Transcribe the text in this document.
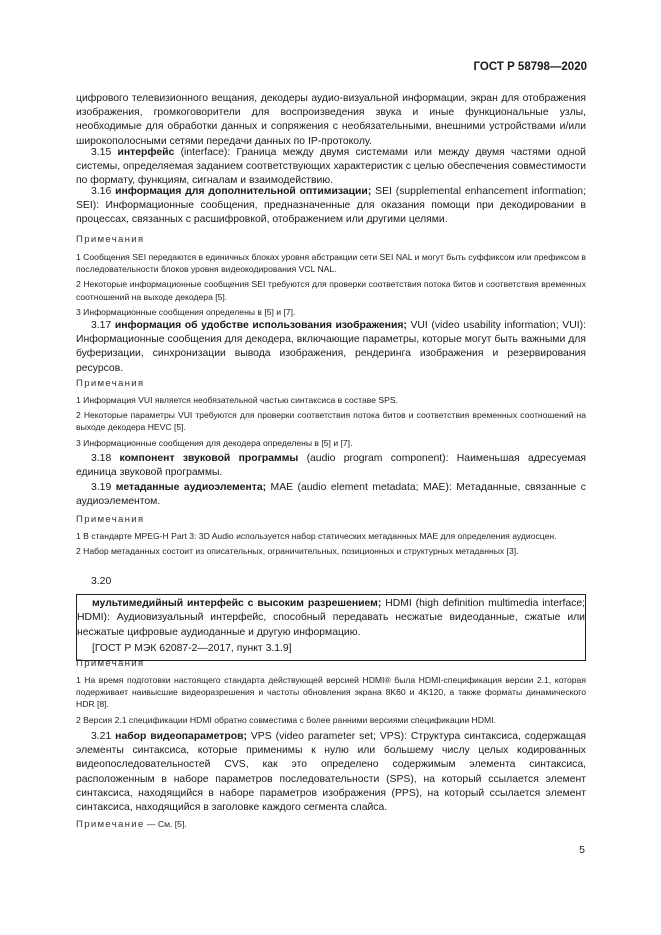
ГОСТ Р 58798—2020

цифрового телевизионного вещания, декодеры аудио-визуальной информации, экран для отображения изображения, громкоговорители для воспроизведения звука и иные функциональные узлы, необходимые для обработки данных и сопряжения с необязательными, внешними устройствами и/или широкополосными сетями передачи данных по IP-протоколу.

3.15 интерфейс (interface): Граница между двумя системами или между двумя частями одной системы, определяемая заданием соответствующих характеристик с целью обеспечения совместимости по формату, функциям, сигналам и взаимодействию.

3.16 информация для дополнительной оптимизации; SEI (supplemental enhancement information; SEI): Информационные сообщения, предназначенные для оказания помощи при декодировании в процессах, связанных с расшифровкой, отображением или другими целями.

Примечания

1 Сообщения SEI передаются в единичных блоках уровня абстракции сети SEI NAL и могут быть суффиксом или префиксом в последовательности блоков уровня видеокодирования VCL NAL.

2 Некоторые информационные сообщения SEI требуются для проверки соответствия потока битов и соответствия временных соотношений на выходе декодера [5].

3 Информационные сообщения определены в [5] и [7].

3.17 информация об удобстве использования изображения; VUI (video usability information; VUI): Информационные сообщения для декодера, включающие параметры, которые могут быть важными для буферизации, синхронизации вывода изображения, рендеринга изображения и резервирования ресурсов.

Примечания

1 Информация VUI является необязательной частью синтаксиса в составе SPS.

2 Некоторые параметры VUI требуются для проверки соответствия потока битов и соответствия временных соотношений на выходе декодера HEVC [5].

3 Информационные сообщения для декодера определены в [5] и [7].

3.18 компонент звуковой программы (audio program component): Наименьшая адресуемая единица звуковой программы.

3.19 метаданные аудиоэлемента; MAE (audio element metadata; MAE): Метаданные, связанные с аудиоэлементом.

Примечания

1 В стандарте MPEG-H Part 3: 3D Audio используется набор статических метаданных MAE для определения аудиосцен.

2 Набор метаданных состоит из описательных, ограничительных, позиционных и структурных метаданных [3].

3.20

мультимедийный интерфейс с высоким разрешением; HDMI (high definition multimedia interface; HDMI): Аудиовизуальный интерфейс, способный передавать несжатые видеоданные, сжатые или несжатые цифровые аудиоданные и другую информацию.

[ГОСТ Р МЭК 62087-2—2017, пункт 3.1.9]

Примечания

1 На время подготовки настоящего стандарта действующей версией HDMI® была HDMI-спецификация версии 2.1, которая подерживает наивысшие видеоразрешения и частоты обновления экрана 8K60 и 4K120, а также форматы динамического HDR [8].

2 Версия 2.1 спецификации HDMI обратно совместима с более ранними версиями спецификации HDMI.

3.21 набор видеопараметров; VPS (video parameter set; VPS): Структура синтаксиса, содержащая элементы синтаксиса, которые применимы к нулю или большему числу целых кодированных видеопоследовательностей CVS, как это определено содержимым элемента синтаксиса, расположенным в наборе параметров последовательности (SPS), на который ссылается элемент синтаксиса, находящийся в наборе параметров изображения (PPS), на который ссылается элемент синтаксиса, находящийся в заголовке каждого сегмента слайса.

Примечание — См. [5].

5
